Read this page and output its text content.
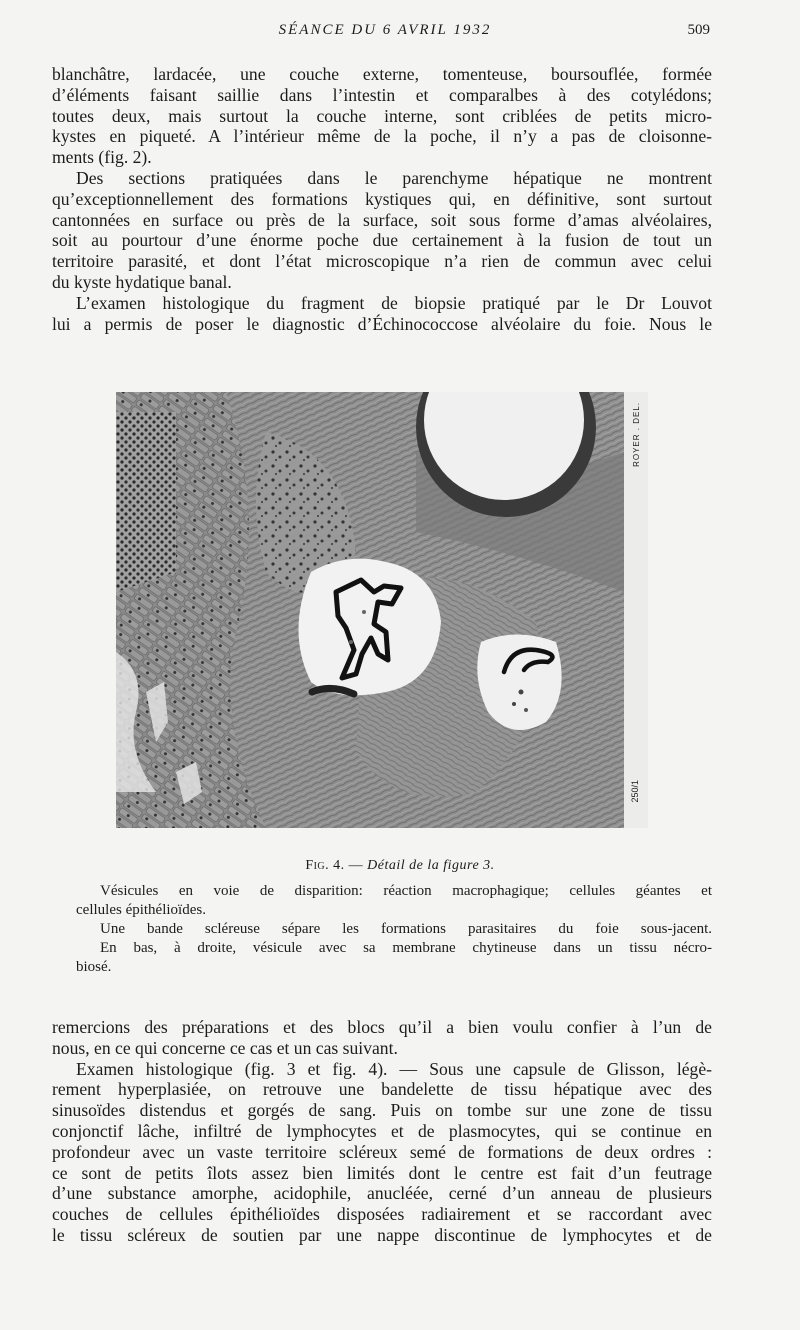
SÉANCE DU 6 AVRIL 1932	509
blanchâtre, lardacée, une couche externe, tomenteuse, boursouflée, formée
d’éléments faisant saillie dans l’intestin et comparalbes à des cotylédons;
toutes deux, mais surtout la couche interne, sont criblées de petits micro-
kystes en piqueté. A l’intérieur même de la poche, il n’y a pas de cloisonne-
ments (fig. 2).
Des sections pratiquées dans le parenchyme hépatique ne montrent
qu’exceptionnellement des formations kystiques qui, en définitive, sont surtout
cantonnées en surface ou près de la surface, soit sous forme d’amas alvéolaires,
soit au pourtour d’une énorme poche due certainement à la fusion de tout un
territoire parasité, et dont l’état microscopique n’a rien de commun avec celui
du kyste hydatique banal.
L’examen histologique du fragment de biopsie pratiqué par le Dr Louvot
lui a permis de poser le diagnostic d’Échinococcose alvéolaire du foie. Nous le
ROYER . DEL.
250/1
Fig. 4. — Détail de la figure 3.
Vésicules en voie de disparition: réaction macrophagique; cellules géantes et
cellules épithélioïdes.
Une bande scléreuse sépare les formations parasitaires du foie sous-jacent.
En bas, à droite, vésicule avec sa membrane chytineuse dans un tissu nécro-
biosé.
remercions des préparations et des blocs qu’il a bien voulu confier à l’un de
nous, en ce qui concerne ce cas et un cas suivant.
Examen histologique (fig. 3 et fig. 4). — Sous une capsule de Glisson, légè-
rement hyperplasiée, on retrouve une bandelette de tissu hépatique avec des
sinusoïdes distendus et gorgés de sang. Puis on tombe sur une zone de tissu
conjonctif lâche, infiltré de lymphocytes et de plasmocytes, qui se continue en
profondeur avec un vaste territoire scléreux semé de formations de deux ordres :
ce sont de petits îlots assez bien limités dont le centre est fait d’un feutrage
d’une substance amorphe, acidophile, anucléée, cerné d’un anneau de plusieurs
couches de cellules épithélioïdes disposées radiairement et se raccordant avec
le tissu scléreux de soutien par une nappe discontinue de lymphocytes et de
